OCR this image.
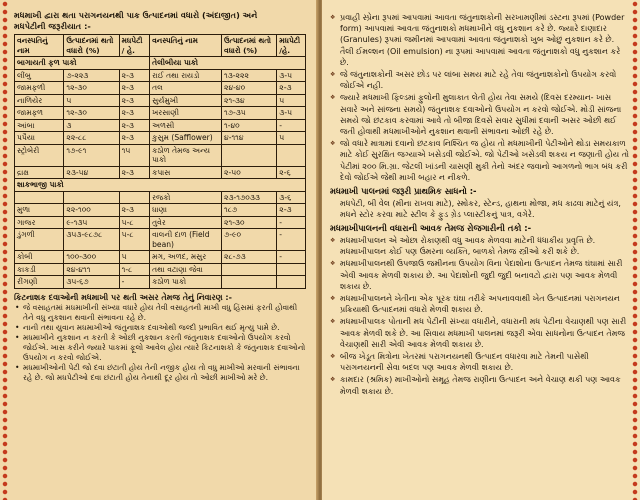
મધમાખી દ્વારા થતા પરાગનયનથી પાક ઉત્પાદનમાં વધારો (અંદાજીત) અને
મધપેટીની જરૂરીયાત :-
વનસ્પતિનું નામ	ઉત્પાદનમાં થતો વધારો (%)	મધપેટી / હે.	વનસ્પતિનું નામ	ઉત્પાદનમાં થતો વધારો (%)	મધપેટી /હે.
બાગાયતી ફળ પાકો			તેલીબીયા પાકો		
લીંબુ	૭-૨૨૩	૨-૩	રાઈ તથા રાયડો	૧૩-૨૨૨	૩-૫
જામફળી	૧૨-૩૦	૨-૩	તલ	૨૪-૪૦	૨-૩
નાળિયેર	૫	૨-૩	સુર્યમુખી	૨૧-૩૪	૫
જામફળ	૧૨-૩૦	૨-૩	ખરસાણી	૧૭-૩૫	૩-૫
આંબા	૩	૨-૩	અળસી	૧-૪૦	-
પપૈયા	૨૨-૮૮	૨-૩	કુસુમ (Safflower)	૪-૧૧૪	૫
સ્ટ્રોબેરી	૧૭-૯૧	૧૫	કઠોળ તેમજ અન્ય પાકો		
દ્રાક્ષ	૨૩-૫૪	૨-૩	કપાસ	૨-૫૦	૨-૬
શાકભાજી પાકો					
			રજકો	૨૩-૧૭૦૩૩	૩-૬
મુળા	૨૨-૧૦૦	૨-૩	ધાણા	૧૮૭	૨-૩
ગાજર	૯-૧૩૫	૫-૮	તુવેર	૨૧-૩૦	-
ડુંગળી	૩૫૩-૯૮૭૮	૫-૮	વાલની દાળ (Field bean)	૭-૯૦	-
કોબી	૧૦૦-૩૦૦	૫	મગ, અળદ, મસુર	૨૮-૭૩	-
કાકડી	૨૪-૪૧૧	૧-૮	તથા વટાણા જેવા		
રીંગણી	૩૫-૬૭	-	કઠોળ પાકો		
કિટનાશક દવાઓની મધમાખી પર થતી અસર તેમજ તેનું નિવારણ :-
• જે વસાહતમાં મધમાખીની સંખ્યા વધારે હોય તેવી વસાહતની માખી વધુ હિંસમાં ફરતી હોવાથી તેને વધુ નુકશાન થવાની સંભાવના રહે છે.
• નાની તથા યુવાન મધમાખીઓ જંતુનાશક દવાઓથી જલ્દી પ્રભાવિત થઈ મૃત્યુ પામે છે.
• મધમાખીને નુકશાન ન કરતી કે ઓછી નુકશાન કરતી જંતુનાશક દવાઓનો ઉપયોગ કરવો જોઈએ. ખાસ કરીને જ્યારે પાકમાં ફૂલો આવેલ હોય ત્યારે કિટનાશકો કે જંતુનાશક દવાઓનો ઉપયોગ ન કરવો જોઈએ.
• મધમાખીઓની પેટી જો દવા છંટાતી હોય તેની નજીક હોય તો વધુ માખીઓ મરવાની સંભાવના રહે છે. જો મધપેટીઓ દવા છંટાતી હોય તેનાથી દૂર હોય તો ઓછી માખીઓ મરે છે.
❖ પ્રવાહી સ્પ્રેના રૂપમાં આપવામાં આવતા જંતુનાશકોની સરખામણીમાં ડસ્ટના રૂપમાં (Powder form) આપવામાં આવતા જંતુનાશકો મધમાખીને વધુ નુકશાન કરે છે. જ્યારે દાણાદાર (Granules) રૂપમાં જમીનમાં આપવામાં આવતા જંતુનાશકો ખુબ ઓછું નુકશાન કરે છે. તૈલી ઈમલ્શન (Oil emulsion) ના રૂપમાં આપવામાં આવતા જંતુનાશકો વધુ નુકશાન કરે છે.
❖ જે જંતુનાશકોની અસર છોડ પર લાંબા સમય માટે રહે તેવા જંતુનાશકોનો ઉપયોગ કરવો જોઈએ નહી.
❖ જ્યારે મધમાખી ફિલ્ડમાં ફુલોની મુલાકાત લેતી હોય તેવા સમયે (દિવસ દરમ્યાન- ખાસ સવારે અને સાંજના સમયે) જંતુનાશક દવાઓનો ઉપયોગ ન કરવો જોઈએ. મોડી સાંજના સમયે જો છંટકાવ કરવામાં આવે તો બીજા દિવસે સવાર સુધીમાં દવાની અસર ઓછી થઈ જતી હોવાથી મધમાખીઓને નુકશાન થવાની સંભાવના ઓછી રહે છે.
❖ જો વધારે માત્રામાં દવાનો છંટકાવ નિશ્ચિત જ હોય તો મધમાખીની પેટીઓને થોડા સમયકાળ માટે કોઈ સુરક્ષિત જગ્યાએ ખસેડવી જોઈએ. જો પેટીઓ ખસેડવી શકય ન જણાતી હોય તો પેટીમાં ૨૦૦ મિ.ગ્રા. જેટલી ખાંડની ચાસણી મુકી તેનો અંદર જવાનો આગળનો ભાગ બંધ કરી દેવો જોઈએ જેથી માખી બહાર ન નીકળે.
મધમાખી પાલનમાં જરૂરી પ્રાથમિક સાધનો :-
મધપેટી, બી વેલ (મીના રાખવા માટે), સ્મોકર, સ્ટેન્ડ, હાથના મોજા, મધ કાઢવા માટેનું યંત્ર, મધને સ્ટોર કરવા માટે સ્ટીલ કે ફુડ ગ્રેડ પ્લાસ્ટીકનું પાત્ર, વગેરે.
મધમાખીપાલનની વધારાની આવક તેમજ રોજગારીની તકો :-
❖ મધમાખીપાલન એ ઓછા રોકાણથી વધુ આવક મેળવવા માટેની ધંધાકીય પ્રવૃત્તિ છે. મધમાખીપાલન કોઈ પણ ઉંમરના વ્યક્તિ, બાળકો તેમજ સ્ત્રીઓ કરી શકે છે.
❖ મધમાખીપાલનથી ઉપજાઉ જમીનના ઉપયોગ વિના પેદાશોના ઉત્પાદન તેમજ ઘંઘામાં સારી એવી આવક મેળવી શકાય છે. આ પેદાશોની જુદી જુદી બનાવટો દ્વારા પણ આવક મેળવી શકાય છે.
❖ મધમાખીપાલનને ખેતીના એક પૂરક ઘંઘા તરીકે અપનાવવાથી ખેત ઉત્પાદનમાં પરાગનયન પ્રક્રિયાથી ઉત્પાદનમાં વધારો મેળવી શકાય છે.
❖ મધમાખીપાલક પોતાની મધ પેટીની સંખ્યા વધારીને, વધારાની મધ પેટીના વેચાણથી પણ સારી આવક મેળવી શકે છે. આ સિવાય મધમાખી પાલનમાં જરૂરી એવા સાધનોના ઉત્પાદન તેમજ વેચાણથી સારી એવી આવક મેળવી શકાય છે.
❖ બીજ ખેડૂત મિત્રોના ખેતરમાં પરાગનયનથી ઉત્પાદન વધારવા માટે તેમની પાસેથી પરાગનયનની સેવા બદલ પણ આવક મેળવી શકાય છે.
❖ કામદાર (શ્રમિક) માખીઓનો સમૂહ તેમજ રાણીના ઉત્પાદન અને વેચાણ થકી પણ આવક મેળવી શકાય છે.
